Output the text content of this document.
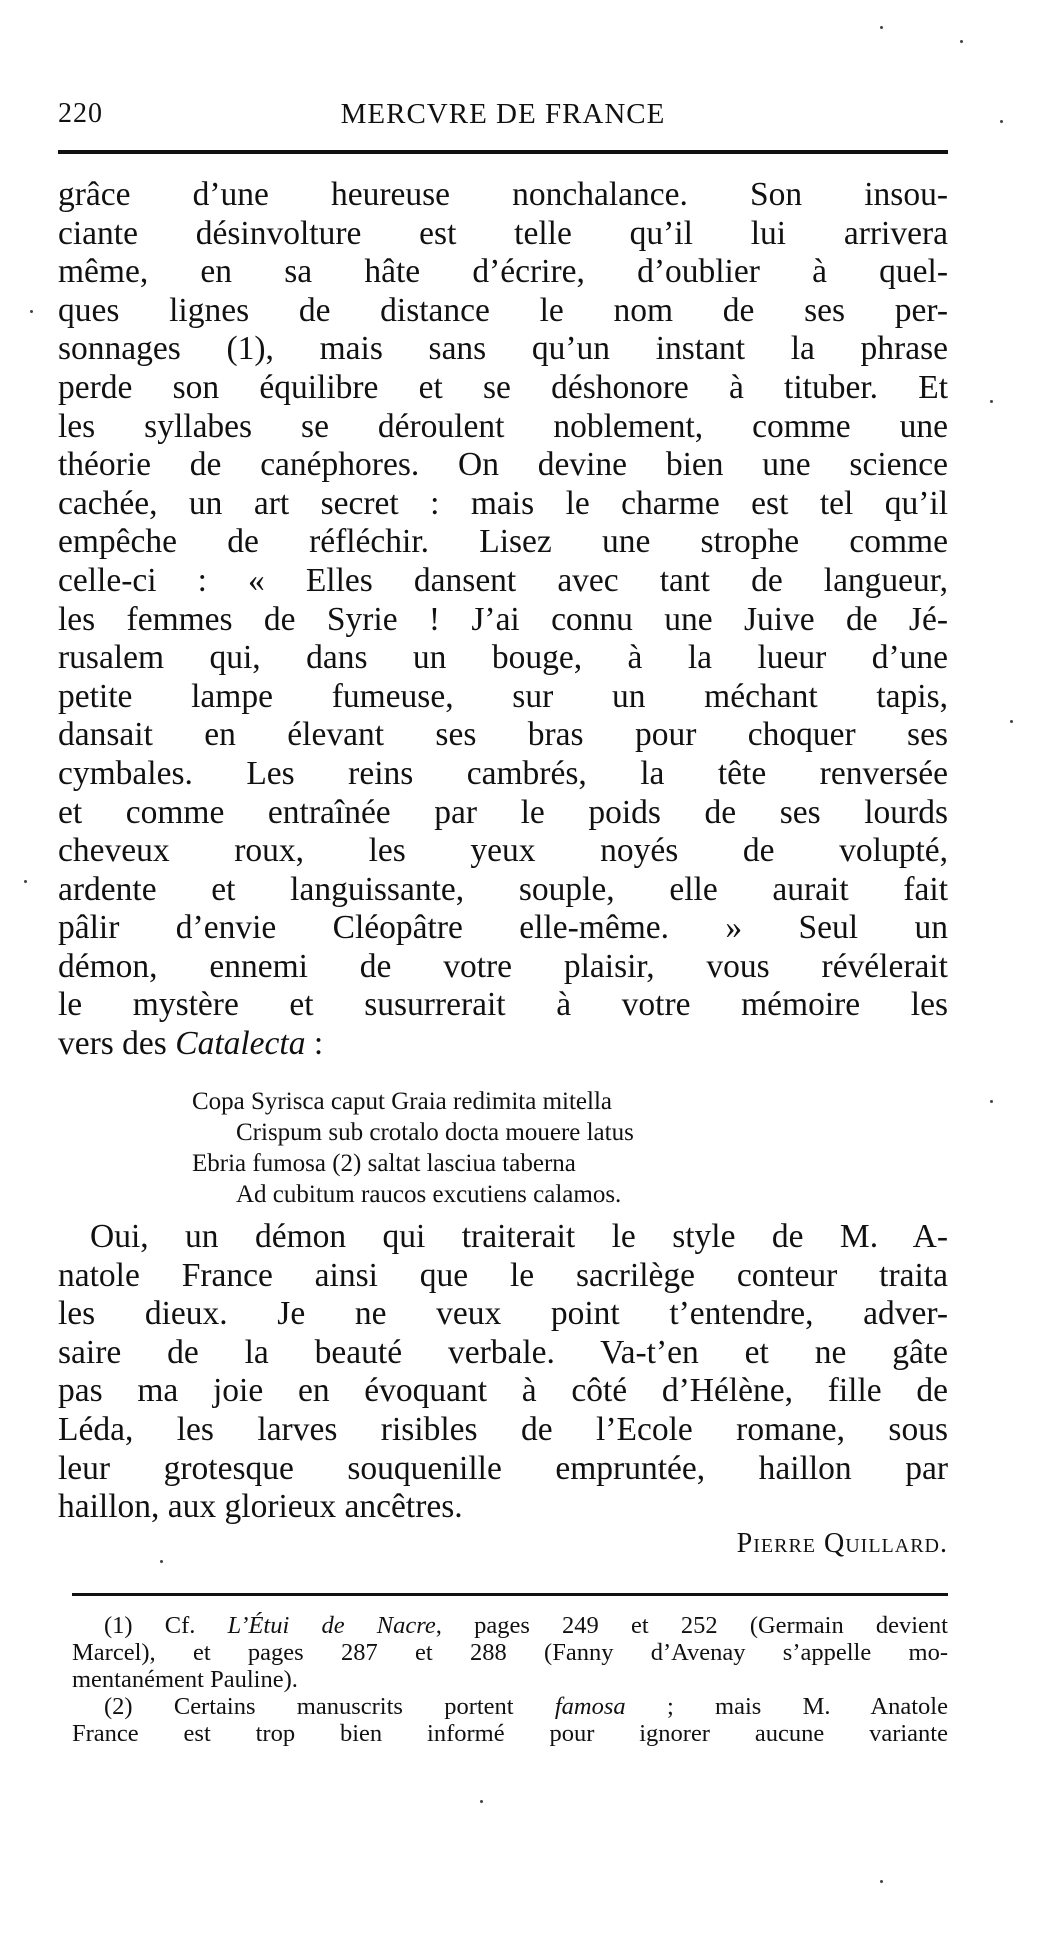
220	MERCVRE DE FRANCE
grâce d’une heureuse nonchalance. Son insou-
ciante désinvolture est telle qu’il lui arrivera
même, en sa hâte d’écrire, d’oublier à quel-
ques lignes de distance le nom de ses per-
sonnages (1), mais sans qu’un instant la phrase
perde son équilibre et se déshonore à tituber. Et
les syllabes se déroulent noblement, comme une
théorie de canéphores. On devine bien une science
cachée, un art secret : mais le charme est tel qu’il
empêche de réfléchir. Lisez une strophe comme
celle-ci : « Elles dansent avec tant de langueur,
les femmes de Syrie ! J’ai connu une Juive de Jé-
rusalem qui, dans un bouge, à la lueur d’une
petite lampe fumeuse, sur un méchant tapis,
dansait en élevant ses bras pour choquer ses
cymbales. Les reins cambrés, la tête renversée
et comme entraînée par le poids de ses lourds
cheveux roux, les yeux noyés de volupté,
ardente et languissante, souple, elle aurait fait
pâlir d’envie Cléopâtre elle-même. » Seul un
démon, ennemi de votre plaisir, vous révélerait
le mystère et susurrerait à votre mémoire les
vers des Catalecta :
Copa Syrisca caput Graia redimita mitella
Crispum sub crotalo docta mouere latus
Ebria fumosa (2) saltat lasciua taberna
Ad cubitum raucos excutiens calamos.
Oui, un démon qui traiterait le style de M. A-
natole France ainsi que le sacrilège conteur traita
les dieux. Je ne veux point t’entendre, adver-
saire de la beauté verbale. Va-t’en et ne gâte
pas ma joie en évoquant à côté d’Hélène, fille de
Léda, les larves risibles de l’Ecole romane, sous
leur grotesque souquenille empruntée, haillon par
haillon, aux glorieux ancêtres.
Pierre Quillard.
(1) Cf. L’Étui de Nacre, pages 249 et 252 (Germain devient
Marcel), et pages 287 et 288 (Fanny d’Avenay s’appelle mo-
mentanément Pauline).
(2) Certains manuscrits portent famosa ; mais M. Anatole
France est trop bien informé pour ignorer aucune variante
